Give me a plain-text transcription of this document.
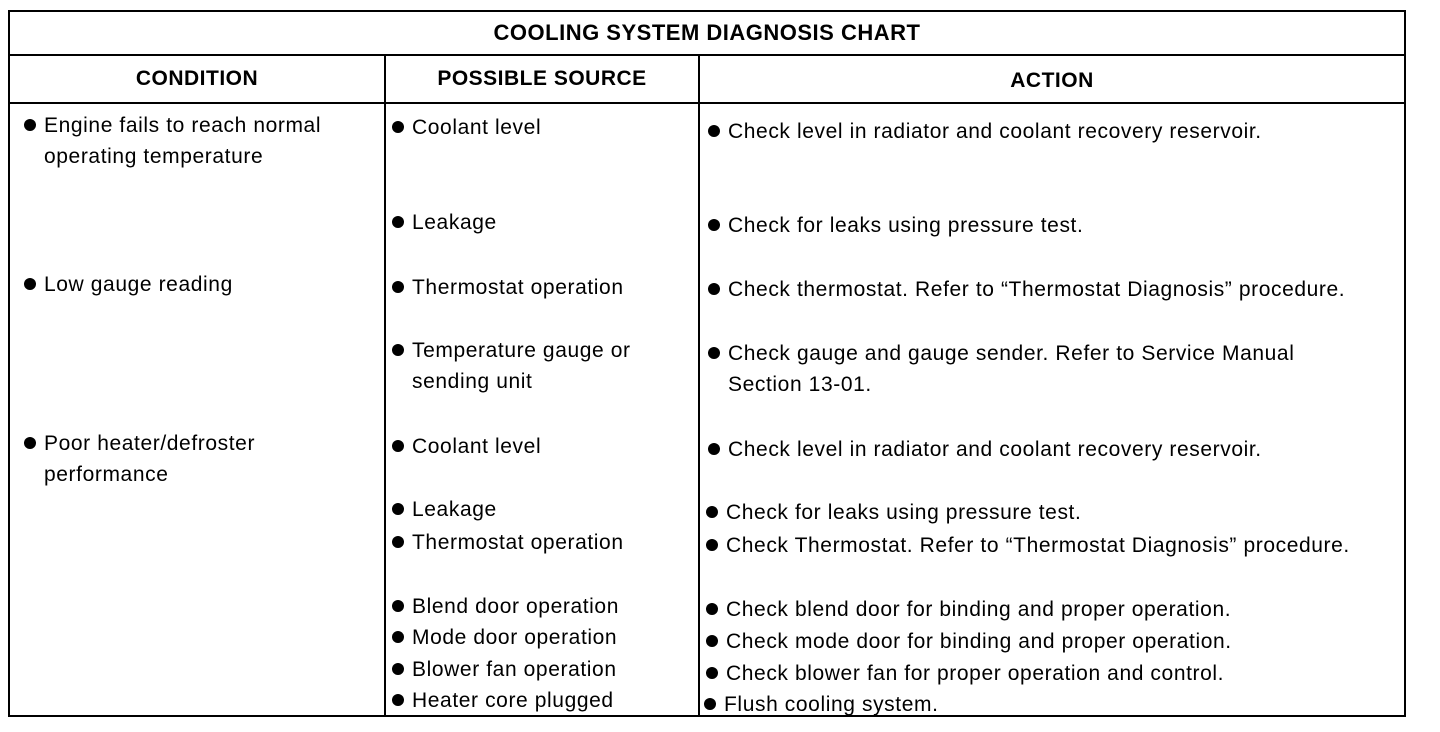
COOLING SYSTEM DIAGNOSIS CHART
CONDITION	POSSIBLE SOURCE	ACTION
Engine fails to reach normal operating temperature
Low gauge reading
Poor heater/defroster performance
Coolant level
Leakage
Thermostat operation
Temperature gauge or sending unit
Coolant level
Leakage
Thermostat operation
Blend door operation
Mode door operation
Blower fan operation
Heater core plugged
Check level in radiator and coolant recovery reservoir.
Check for leaks using pressure test.
Check thermostat. Refer to “Thermostat Diagnosis” procedure.
Check gauge and gauge sender. Refer to Service Manual Section 13-01.
Check level in radiator and coolant recovery reservoir.
Check for leaks using pressure test.
Check Thermostat. Refer to “Thermostat Diagnosis” procedure.
Check blend door for binding and proper operation.
Check mode door for binding and proper operation.
Check blower fan for proper operation and control.
Flush cooling system.
